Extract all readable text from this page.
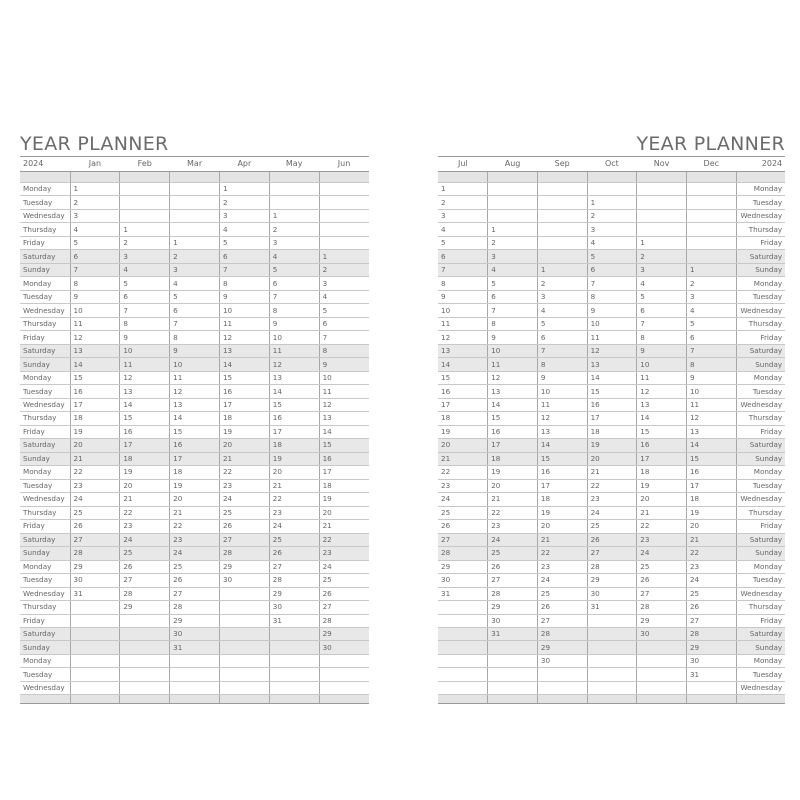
YEAR PLANNER
2024	Jan	Feb	Mar	Apr	May	Jun

Monday	1			1		
Tuesday	2			2		
Wednesday	3			3	1	
Thursday	4	1		4	2	
Friday	5	2	1	5	3	
Saturday	6	3	2	6	4	1
Sunday	7	4	3	7	5	2
Monday	8	5	4	8	6	3
Tuesday	9	6	5	9	7	4
Wednesday	10	7	6	10	8	5
Thursday	11	8	7	11	9	6
Friday	12	9	8	12	10	7
Saturday	13	10	9	13	11	8
Sunday	14	11	10	14	12	9
Monday	15	12	11	15	13	10
Tuesday	16	13	12	16	14	11
Wednesday	17	14	13	17	15	12
Thursday	18	15	14	18	16	13
Friday	19	16	15	19	17	14
Saturday	20	17	16	20	18	15
Sunday	21	18	17	21	19	16
Monday	22	19	18	22	20	17
Tuesday	23	20	19	23	21	18
Wednesday	24	21	20	24	22	19
Thursday	25	22	21	25	23	20
Friday	26	23	22	26	24	21
Saturday	27	24	23	27	25	22
Sunday	28	25	24	28	26	23
Monday	29	26	25	29	27	24
Tuesday	30	27	26	30	28	25
Wednesday	31	28	27		29	26
Thursday		29	28		30	27
Friday			29		31	28
Saturday			30			29
Sunday			31			30
Monday						
Tuesday						
Wednesday						

YEAR PLANNER
Jul	Aug	Sep	Oct	Nov	Dec	2024

1						Monday
2			1			Tuesday
3			2			Wednesday
4	1		3			Thursday
5	2		4	1		Friday
6	3		5	2		Saturday
7	4	1	6	3	1	Sunday
8	5	2	7	4	2	Monday
9	6	3	8	5	3	Tuesday
10	7	4	9	6	4	Wednesday
11	8	5	10	7	5	Thursday
12	9	6	11	8	6	Friday
13	10	7	12	9	7	Saturday
14	11	8	13	10	8	Sunday
15	12	9	14	11	9	Monday
16	13	10	15	12	10	Tuesday
17	14	11	16	13	11	Wednesday
18	15	12	17	14	12	Thursday
19	16	13	18	15	13	Friday
20	17	14	19	16	14	Saturday
21	18	15	20	17	15	Sunday
22	19	16	21	18	16	Monday
23	20	17	22	19	17	Tuesday
24	21	18	23	20	18	Wednesday
25	22	19	24	21	19	Thursday
26	23	20	25	22	20	Friday
27	24	21	26	23	21	Saturday
28	25	22	27	24	22	Sunday
29	26	23	28	25	23	Monday
30	27	24	29	26	24	Tuesday
31	28	25	30	27	25	Wednesday
	29	26	31	28	26	Thursday
	30	27		29	27	Friday
	31	28		30	28	Saturday
		29			29	Sunday
		30			30	Monday
					31	Tuesday
						Wednesday
